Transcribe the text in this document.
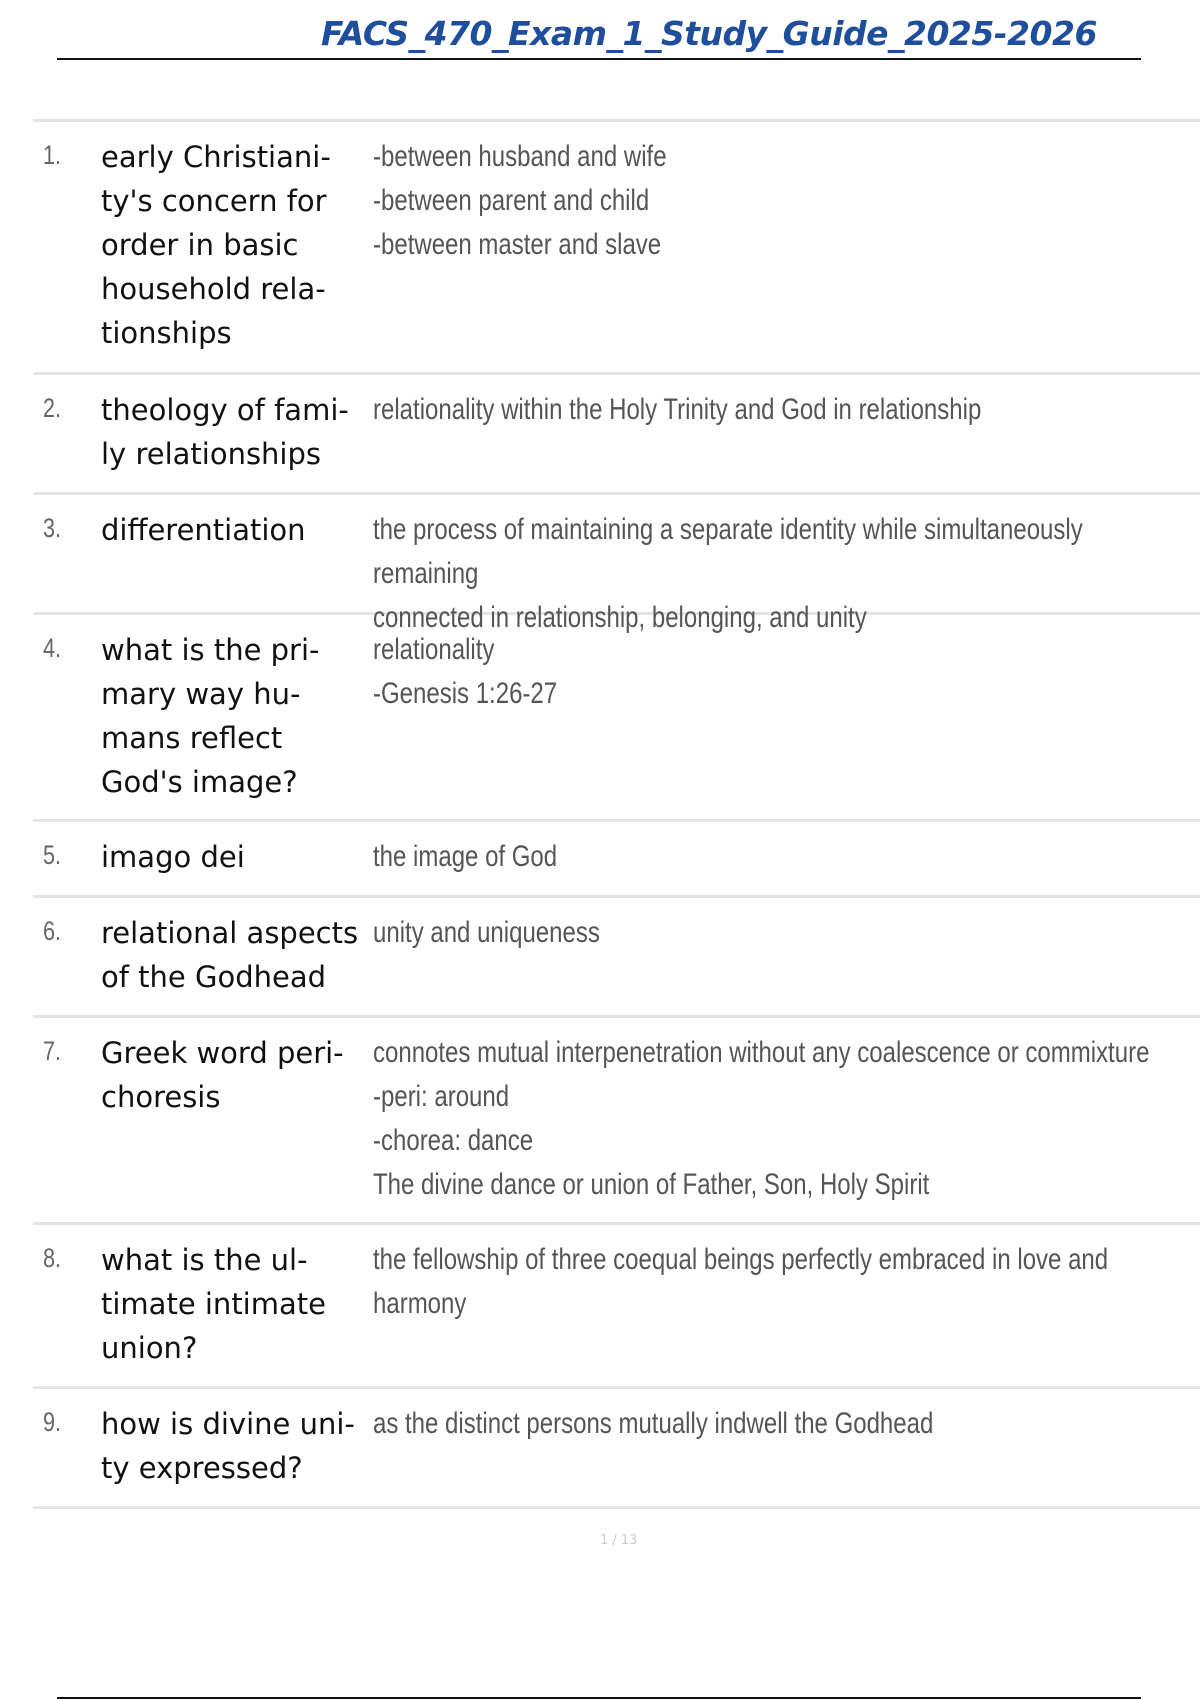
FACS_470_Exam_1_Study_Guide_2025-2026
1. early Christiani-
ty's concern for
order in basic
household rela-
tionships
-between husband and wife
-between parent and child
-between master and slave
2. theology of fami-
ly relationships
relationality within the Holy Trinity and God in relationship
3. differentiation	the process of maintaining a separate identity while simultaneously remaining
connected in relationship, belonging, and unity
4. what is the pri-
mary way hu-
mans reflect
God's image?
relationality
-Genesis 1:26-27
5. imago dei	the image of God
6. relational aspects
of the Godhead
unity and uniqueness
7. Greek word peri-
choresis
connotes mutual interpenetration without any coalescence or commixture
-peri: around
-chorea: dance
The divine dance or union of Father, Son, Holy Spirit
8. what is the ul-
timate intimate
union?
the fellowship of three coequal beings perfectly embraced in love and harmony
9. how is divine uni-
ty expressed?
as the distinct persons mutually indwell the Godhead
1 / 13
